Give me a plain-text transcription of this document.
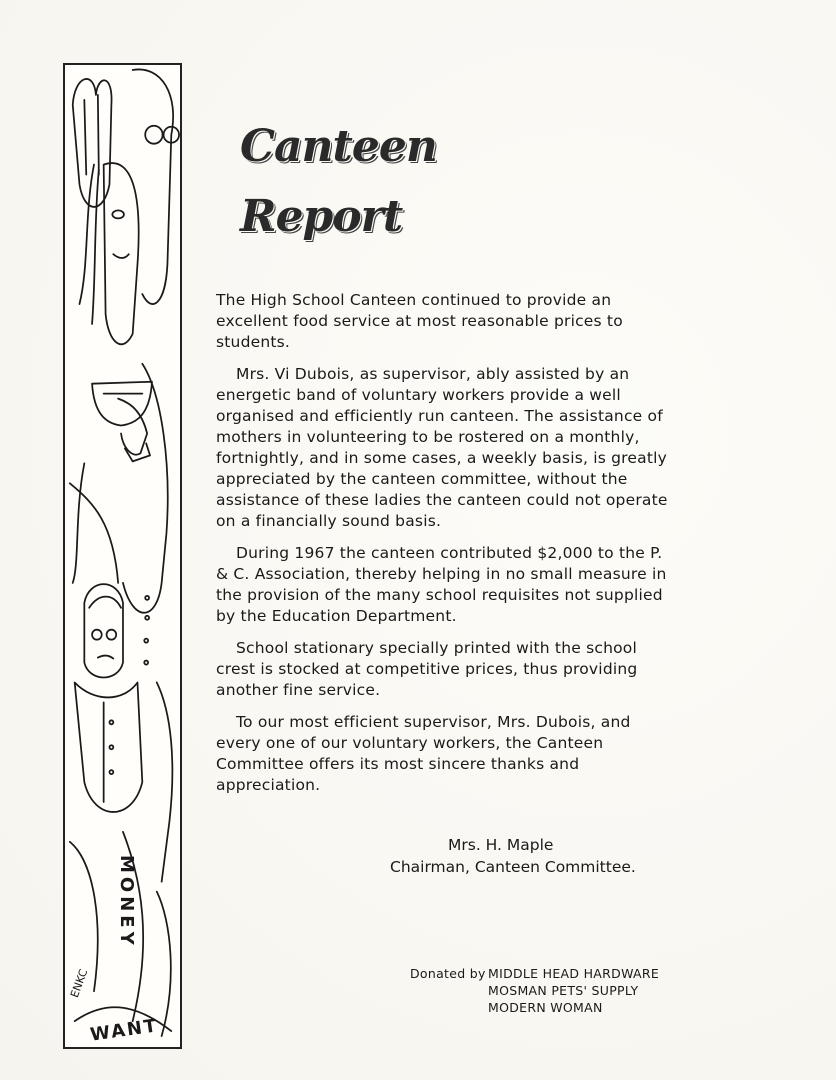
MONEY
WANT
ENKC
Canteen Report

The High School Canteen continued to provide an excellent food service at most reasonable prices to students.

Mrs. Vi Dubois, as supervisor, ably assisted by an energetic band of voluntary workers provide a well organised and efficiently run canteen. The assistance of mothers in volunteering to be rostered on a monthly, fortnightly, and in some cases, a weekly basis, is greatly appreciated by the canteen committee, without the assistance of these ladies the canteen could not operate on a financially sound basis.

During 1967 the canteen contributed $2,000 to the P. & C. Association, thereby helping in no small measure in the provision of the many school requisites not supplied by the Education Department.

School stationary specially printed with the school crest is stocked at competitive prices, thus providing another fine service.

To our most efficient supervisor, Mrs. Dubois, and every one of our voluntary workers, the Canteen Committee offers its most sincere thanks and appreciation.

Mrs. H. Maple
Chairman, Canteen Committee.
Donated by MIDDLE HEAD HARDWARE
MOSMAN PETS' SUPPLY
MODERN WOMAN
